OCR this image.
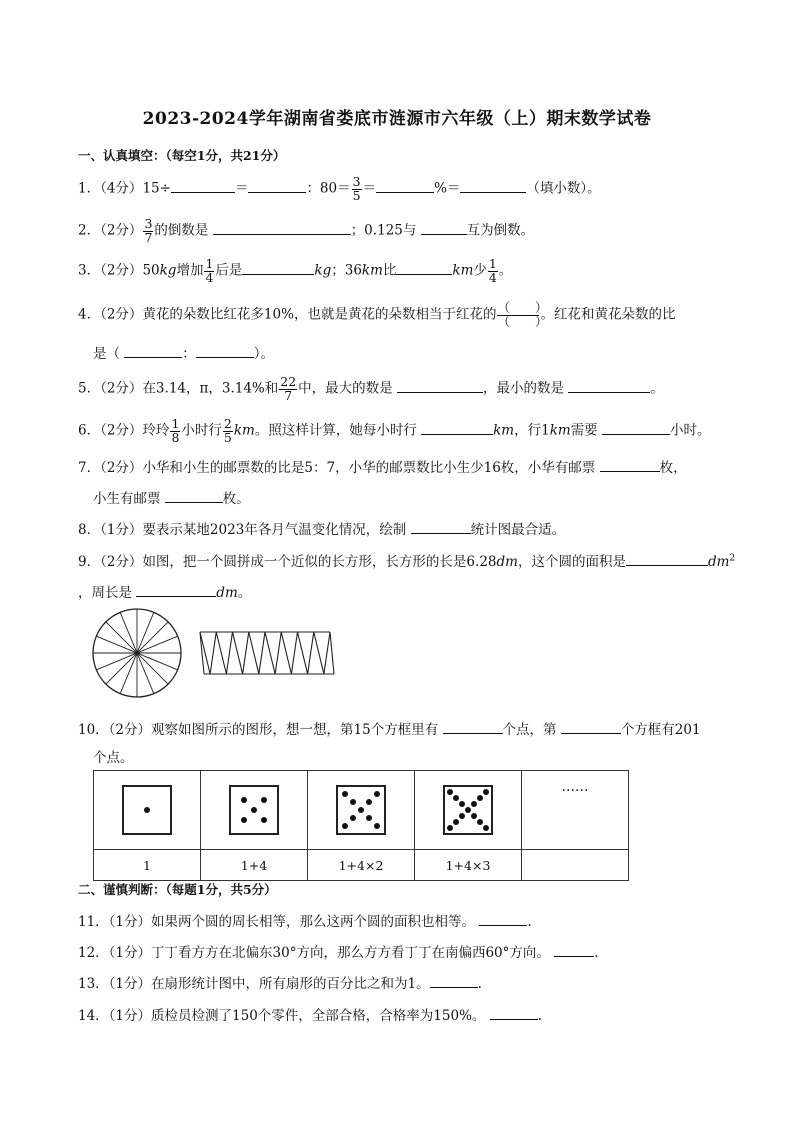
2023-2024学年湖南省娄底市涟源市六年级（上）期末数学试卷
一、认真填空：（每空1分，共21分）
1．（4分）15÷	＝	：$80= \frac{3}{5}$ ＝	%＝	（填小数）。
2．（2分） $\frac{3}{7}$ 的倒数是	；0.125与	互为倒数。
3．（2分）50kg增加 $\frac{1}{4}$ 后是	kg；36km比	km少 $\frac{1}{4}$ 。
4．（2分）黄花的朵数比红花多10%，也就是黄花的朵数相当于红花的 $\frac{( )}{( )}$ 。红花和黄花朵数的比
是（	：	）。
5．（2分）在3.14，π，3.14%和 $\frac{22}{7}$ 中，最大的数是	，最小的数是	。
6．（2分）玲玲 $\frac{1}{8}$ 小时行 $\frac{2}{5}$ km。照这样计算，她每小时行	km，行1km需要	小时。
7．（2分）小华和小生的邮票数的比是5：7，小华的邮票数比小生少16枚，小华有邮票	枚，
小生有邮票	枚。
8．（1分）要表示某地2023年各月气温变化情况，绘制	统计图最合适。
9．（2分）如图，把一个圆拼成一个近似的长方形，长方形的长是6.28dm，这个圆的面积是	$dm^2$
，周长是	dm。
10．（2分）观察如图所示的图形，想一想，第15个方框里有	个点，第	个方框有201
个点。

	……
1	1+4	1+4×2	1+4×3	
二、谨慎判断：（每题1分，共5分）
11．（1分）如果两个圆的周长相等，那么这两个圆的面积也相等。	.
12．（1分）丁丁看方方在北偏东30°方向，那么方方看丁丁在南偏西60°方向。	.
13．（1分）在扇形统计图中，所有扇形的百分比之和为1。	.
14．（1分）质检员检测了150个零件，全部合格，合格率为150%。	.
